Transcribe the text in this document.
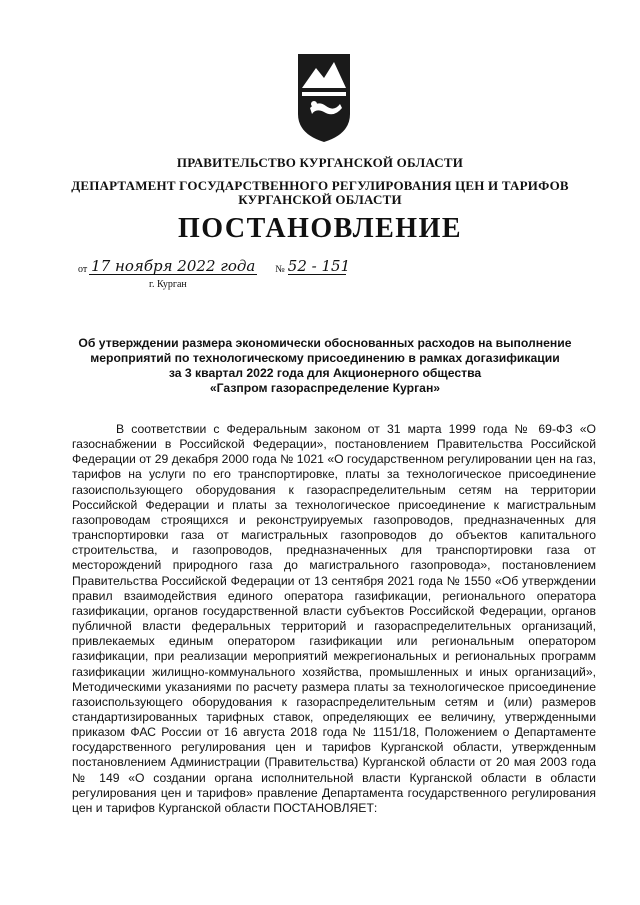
ПРАВИТЕЛЬСТВО КУРГАНСКОЙ ОБЛАСТИ
ДЕПАРТАМЕНТ ГОСУДАРСТВЕННОГО РЕГУЛИРОВАНИЯ ЦЕН И ТАРИФОВ
КУРГАНСКОЙ ОБЛАСТИ
ПОСТАНОВЛЕНИЕ
от 17 ноября 2022 года № 52 - 151
г. Курган
Об утверждении размера экономически обоснованных расходов на выполнение
мероприятий по технологическому присоединению в рамках догазификации
за 3 квартал 2022 года для Акционерного общества
«Газпром газораспределение Курган»

В соответствии с Федеральным законом от 31 марта 1999 года № 69-ФЗ «О газоснабжении в Российской Федерации», постановлением Правительства Российской Федерации от 29 декабря 2000 года № 1021 «О государственном регулировании цен на газ, тарифов на услуги по его транспортировке, платы за технологическое присоединение газоиспользующего оборудования к газораспределительным сетям на территории Российской Федерации и платы за технологическое присоединение к магистральным газопроводам строящихся и реконструируемых газопроводов, предназначенных для транспортировки газа от магистральных газопроводов до объектов капитального строительства, и газопроводов, предназначенных для транспортировки газа от месторождений природного газа до магистрального газопровода», постановлением Правительства Российской Федерации от 13 сентября 2021 года № 1550 «Об утверждении правил взаимодействия единого оператора газификации, регионального оператора газификации, органов государственной власти субъектов Российской Федерации, органов публичной власти федеральных территорий и газораспределительных организаций, привлекаемых единым оператором газификации или региональным оператором газификации, при реализации мероприятий межрегиональных и региональных программ газификации жилищно-коммунального хозяйства, промышленных и иных организаций», Методическими указаниями по расчету размера платы за технологическое присоединение газоиспользующего оборудования к газораспределительным сетям и (или) размеров стандартизированных тарифных ставок, определяющих ее величину, утвержденными приказом ФАС России от 16 августа 2018 года № 1151/18, Положением о Департаменте государственного регулирования цен и тарифов Курганской области, утвержденным постановлением Администрации (Правительства) Курганской области от 20 мая 2003 года № 149 «О создании органа исполнительной власти Курганской области в области регулирования цен и тарифов» правление Департамента государственного регулирования цен и тарифов Курганской области ПОСТАНОВЛЯЕТ:
